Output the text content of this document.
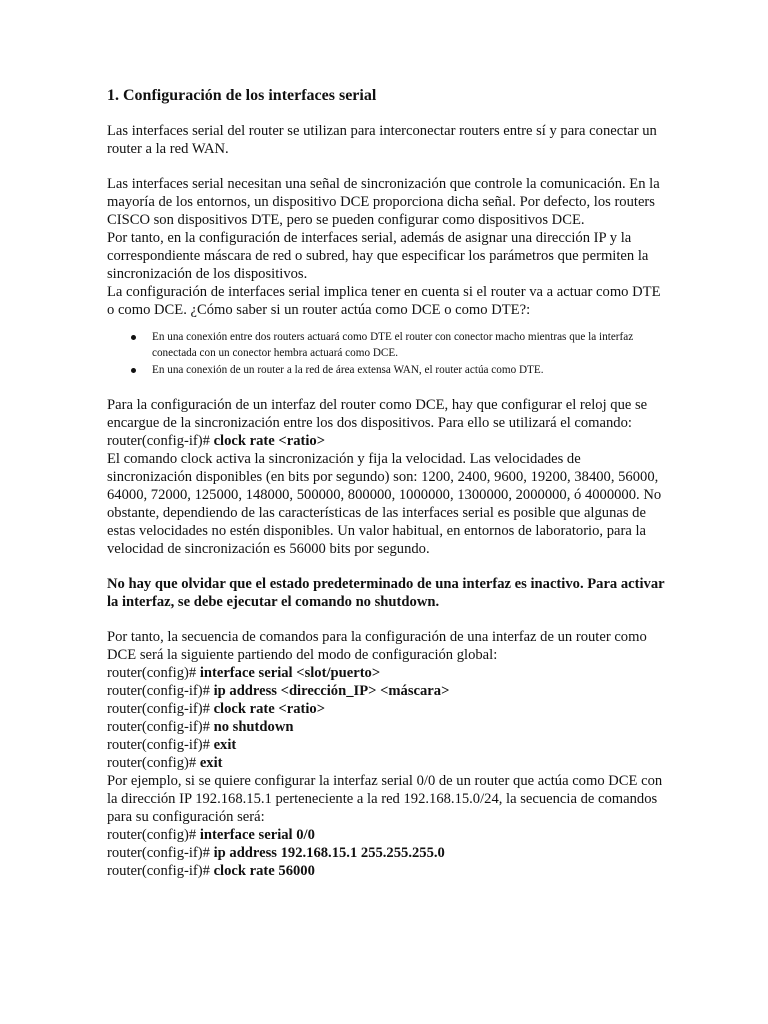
1. Configuración de los interfaces serial

Las interfaces serial del router se utilizan para interconectar routers entre sí y para conectar un router a la red WAN.

Las interfaces serial necesitan una señal de sincronización que controle la comunicación. En la mayoría de los entornos, un dispositivo DCE proporciona dicha señal. Por defecto, los routers CISCO son dispositivos DTE, pero se pueden configurar como dispositivos DCE.

Por tanto, en la configuración de interfaces serial, además de asignar una dirección IP y la correspondiente máscara de red o subred, hay que especificar los parámetros que permiten la sincronización de los dispositivos.

La configuración de interfaces serial implica tener en cuenta si el router va a actuar como DTE o como DCE. ¿Cómo saber si un router actúa como DCE o como DTE?:

En una conexión entre dos routers actuará como DTE el router con conector macho mientras que la interfaz conectada con un conector hembra actuará como DCE.
En una conexión de un router a la red de área extensa WAN, el router actúa como DTE.

Para la configuración de un interfaz del router como DCE, hay que configurar el reloj que se encargue de la sincronización entre los dos dispositivos. Para ello se utilizará el comando:

router(config-if)# clock rate <ratio>

El comando clock activa la sincronización y fija la velocidad. Las velocidades de sincronización disponibles (en bits por segundo) son: 1200, 2400, 9600, 19200, 38400, 56000, 64000, 72000, 125000, 148000, 500000, 800000, 1000000, 1300000, 2000000, ó 4000000. No obstante, dependiendo de las características de las interfaces serial es posible que algunas de estas velocidades no estén disponibles. Un valor habitual, en entornos de laboratorio, para la velocidad de sincronización es 56000 bits por segundo.

No hay que olvidar que el estado predeterminado de una interfaz es inactivo. Para activar la interfaz, se debe ejecutar el comando no shutdown.

Por tanto, la secuencia de comandos para la configuración de una interfaz de un router como DCE será la siguiente partiendo del modo de configuración global:

router(config)# interface serial <slot/puerto>

router(config-if)# ip address <dirección_IP> <máscara>

router(config-if)# clock rate <ratio>

router(config-if)# no shutdown

router(config-if)# exit

router(config)# exit

Por ejemplo, si se quiere configurar la interfaz serial 0/0 de un router que actúa como DCE con la dirección IP 192.168.15.1 perteneciente a la red 192.168.15.0/24, la secuencia de comandos para su configuración será:

router(config)# interface serial 0/0

router(config-if)# ip address 192.168.15.1 255.255.255.0

router(config-if)# clock rate 56000
